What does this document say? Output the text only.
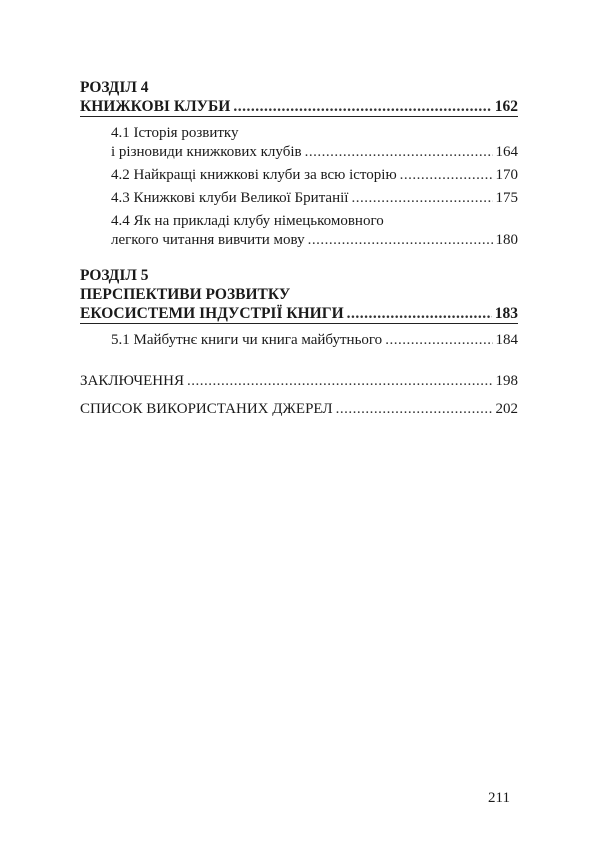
РОЗДІЛ 4
КНИЖКОВІ КЛУБИ .....	162
4.1 Історія розвитку
і різновиди книжкових клубів .....	164
4.2 Найкращі книжкові клуби за всю історію .....	170
4.3 Книжкові клуби Великої Британії .....	175
4.4 Як на прикладі клубу німецькомовного
легкого читання вивчити мову .....	180
РОЗДІЛ 5
ПЕРСПЕКТИВИ РОЗВИТКУ
ЕКОСИСТЕМИ ІНДУСТРІЇ КНИГИ .....	183
5.1 Майбутнє книги чи книга майбутнього .....	184
ЗАКЛЮЧЕННЯ .....	198
СПИСОК ВИКОРИСТАНИХ ДЖЕРЕЛ .....	202
211
